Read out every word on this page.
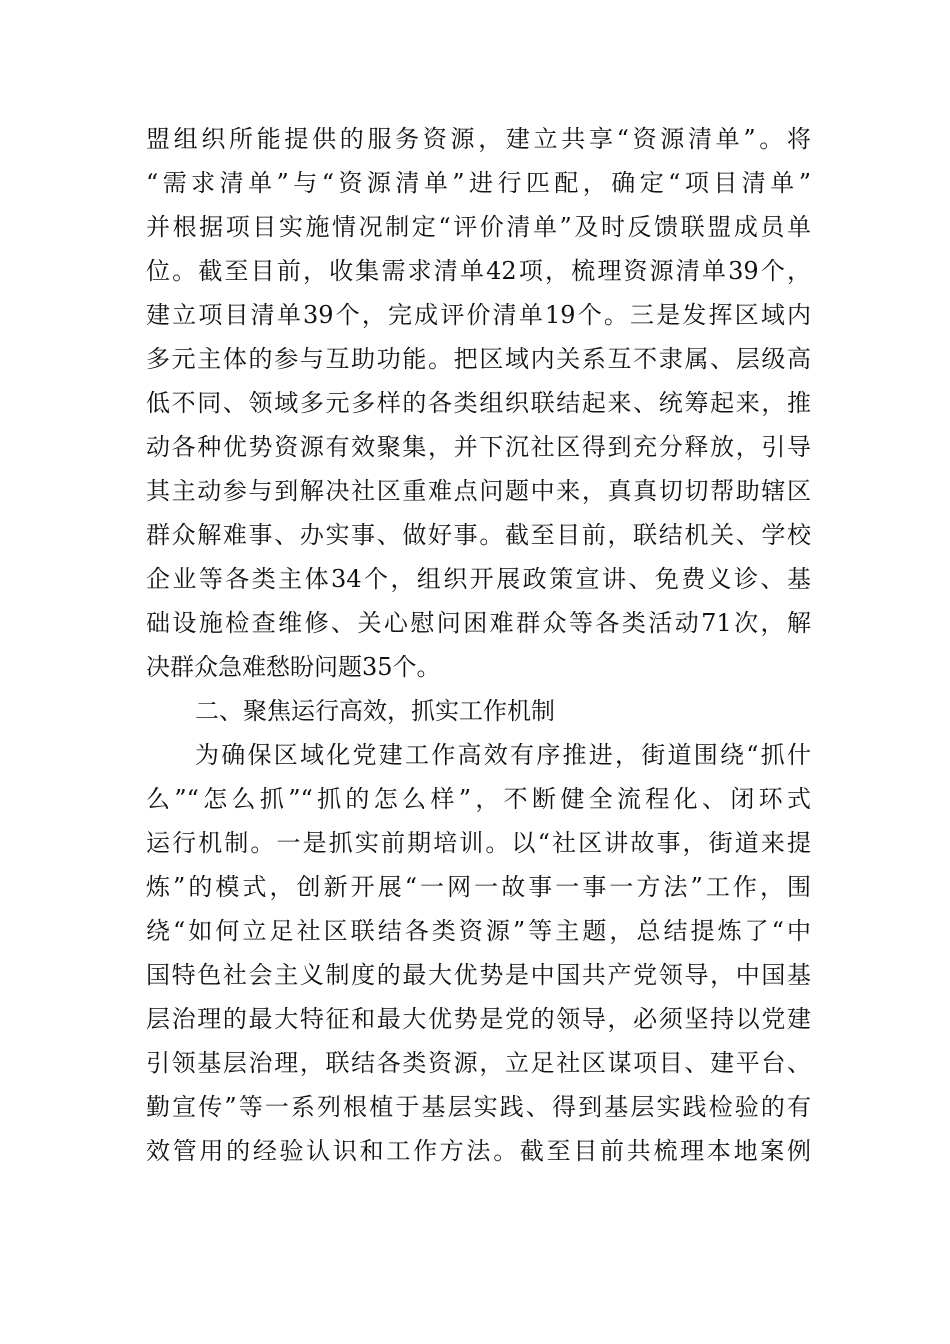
盟组织所能提供的服务资源，建立共享“资源清单”。将
“需求清单”与“资源清单”进行匹配，确定“项目清单”
并根据项目实施情况制定“评价清单”及时反馈联盟成员单
位。截至目前，收集需求清单42项，梳理资源清单39个，
建立项目清单39个，完成评价清单19个。三是发挥区域内
多元主体的参与互助功能。把区域内关系互不隶属、层级高
低不同、领域多元多样的各类组织联结起来、统筹起来，推
动各种优势资源有效聚集，并下沉社区得到充分释放，引导
其主动参与到解决社区重难点问题中来，真真切切帮助辖区
群众解难事、办实事、做好事。截至目前，联结机关、学校
企业等各类主体34个，组织开展政策宣讲、免费义诊、基
础设施检查维修、关心慰问困难群众等各类活动71次，解
决群众急难愁盼问题35个。
二、聚焦运行高效，抓实工作机制
为确保区域化党建工作高效有序推进，街道围绕“抓什
么”“怎么抓”“抓的怎么样”，不断健全流程化、闭环式
运行机制。一是抓实前期培训。以“社区讲故事，街道来提
炼”的模式，创新开展“一网一故事一事一方法”工作，围
绕“如何立足社区联结各类资源”等主题，总结提炼了“中
国特色社会主义制度的最大优势是中国共产党领导，中国基
层治理的最大特征和最大优势是党的领导，必须坚持以党建
引领基层治理，联结各类资源，立足社区谋项目、建平台、
勤宣传”等一系列根植于基层实践、得到基层实践检验的有
效管用的经验认识和工作方法。截至目前共梳理本地案例
